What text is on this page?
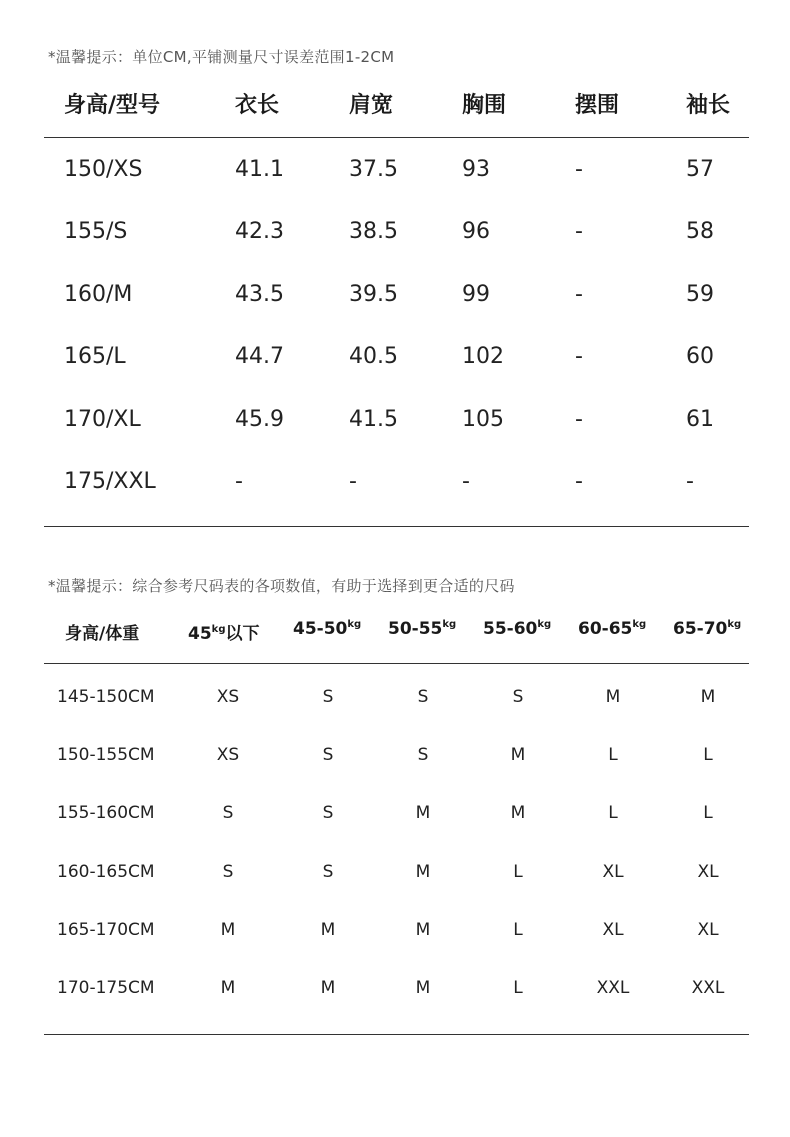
*温馨提示：单位CM,平铺测量尺寸误差范围1-2CM
身高/型号	衣长	肩宽	胸围	摆围	袖长
150/XS	41.1	37.5	93	-	57
155/S	42.3	38.5	96	-	58
160/M	43.5	39.5	99	-	59
165/L	44.7	40.5	102	-	60
170/XL	45.9	41.5	105	-	61
175/XXL	-	-	-	-	-
*温馨提示：综合参考尺码表的各项数值，有助于选择到更合适的尺码
身高/体重	$45^{kg}$以下 $45-50^{kg}$ $50-55^{kg}$ $55-60^{kg}$ $60-65^{kg}$ $65-70^{kg}$
145-150CM	XS	S	S	S	M	M
150-155CM	XS	S	S	M	L	L
155-160CM	S	S	M	M	L	L
160-165CM	S	S	M	L	XL	XL
165-170CM	M	M	M	L	XL	XL
170-175CM	M	M	M	L	XXL	XXL
